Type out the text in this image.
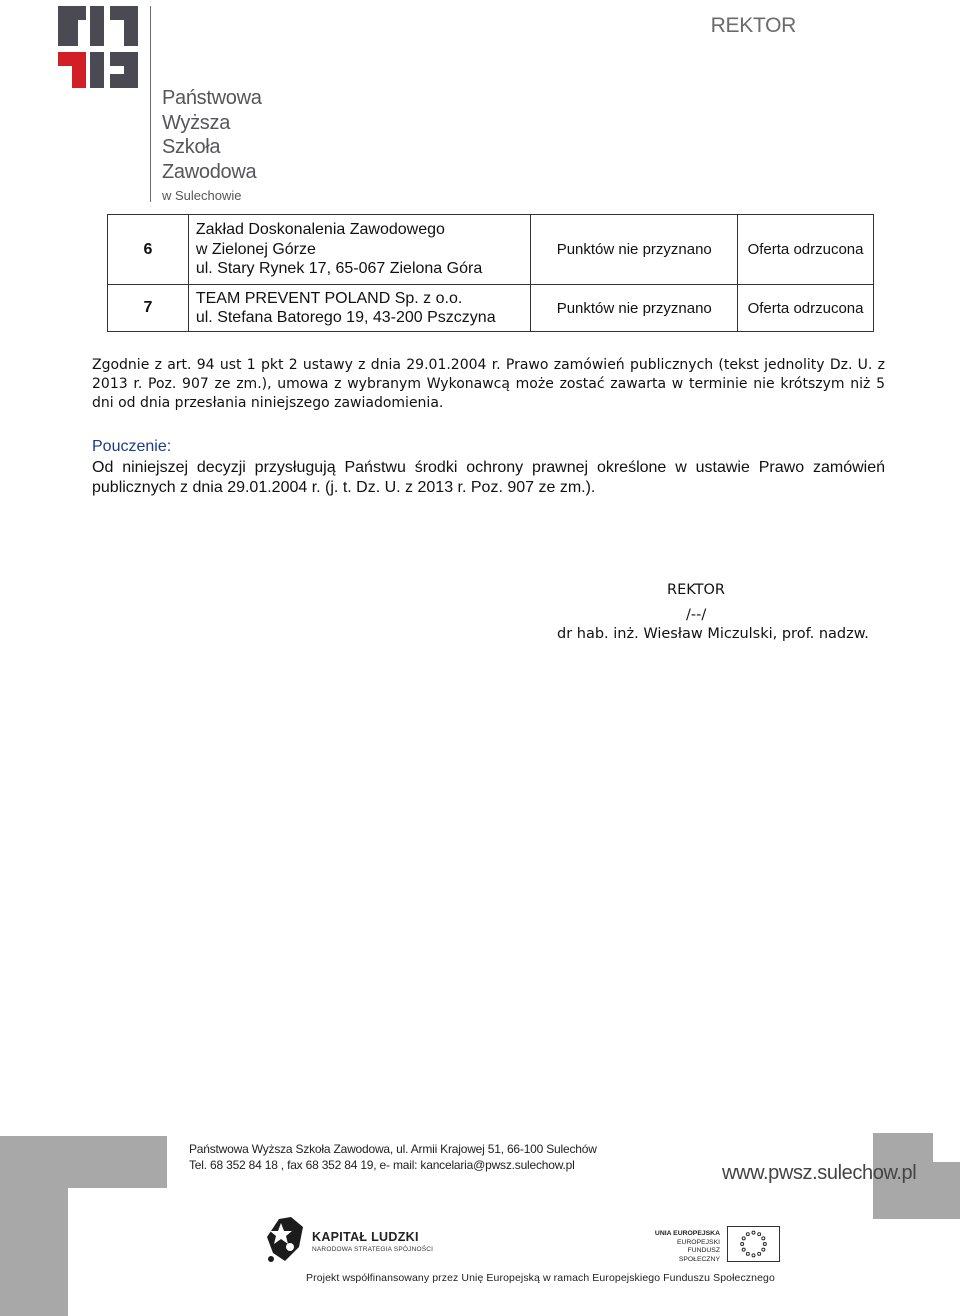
Państwowa
Wyższa
Szkoła
Zawodowa
w Sulechowie
REKTOR
6	Zakład Doskonalenia Zawodowego
w Zielonej Górze
ul. Stary Rynek 17, 65-067 Zielona Góra	Punktów nie przyznano	Oferta odrzucona
7	TEAM PREVENT POLAND Sp. z o.o.
ul. Stefana Batorego 19, 43-200 Pszczyna	Punktów nie przyznano	Oferta odrzucona

Zgodnie z art. 94 ust 1 pkt 2 ustawy z dnia 29.01.2004 r. Prawo zamówień publicznych (tekst jednolity Dz. U. z 2013 r. Poz. 907 ze zm.), umowa z wybranym Wykonawcą może zostać zawarta w terminie nie krótszym niż 5 dni od dnia przesłania niniejszego zawiadomienia.

Pouczenie:

Od niniejszej decyzji przysługują Państwu środki ochrony prawnej określone w ustawie Prawo zamówień publicznych z dnia 29.01.2004 r. (j. t. Dz. U. z 2013 r. Poz. 907 ze zm.).

REKTOR
/--/
dr hab. inż. Wiesław Miczulski, prof. nadzw.
Państwowa Wyższa Szkoła Zawodowa, ul. Armii Krajowej 51, 66-100 Sulechów
Tel. 68 352 84 18 , fax 68 352 84 19, e- mail: kancelaria@pwsz.sulechow.pl	www.pwsz.sulechow.pl
KAPITAŁ LUDZKI
NARODOWA STRATEGIA SPÓJNOŚCI
UNIA EUROPEJSKA
EUROPEJSKI
FUNDUSZ SPOŁECZNY
Projekt współfinansowany przez Unię Europejską w ramach Europejskiego Funduszu Społecznego
